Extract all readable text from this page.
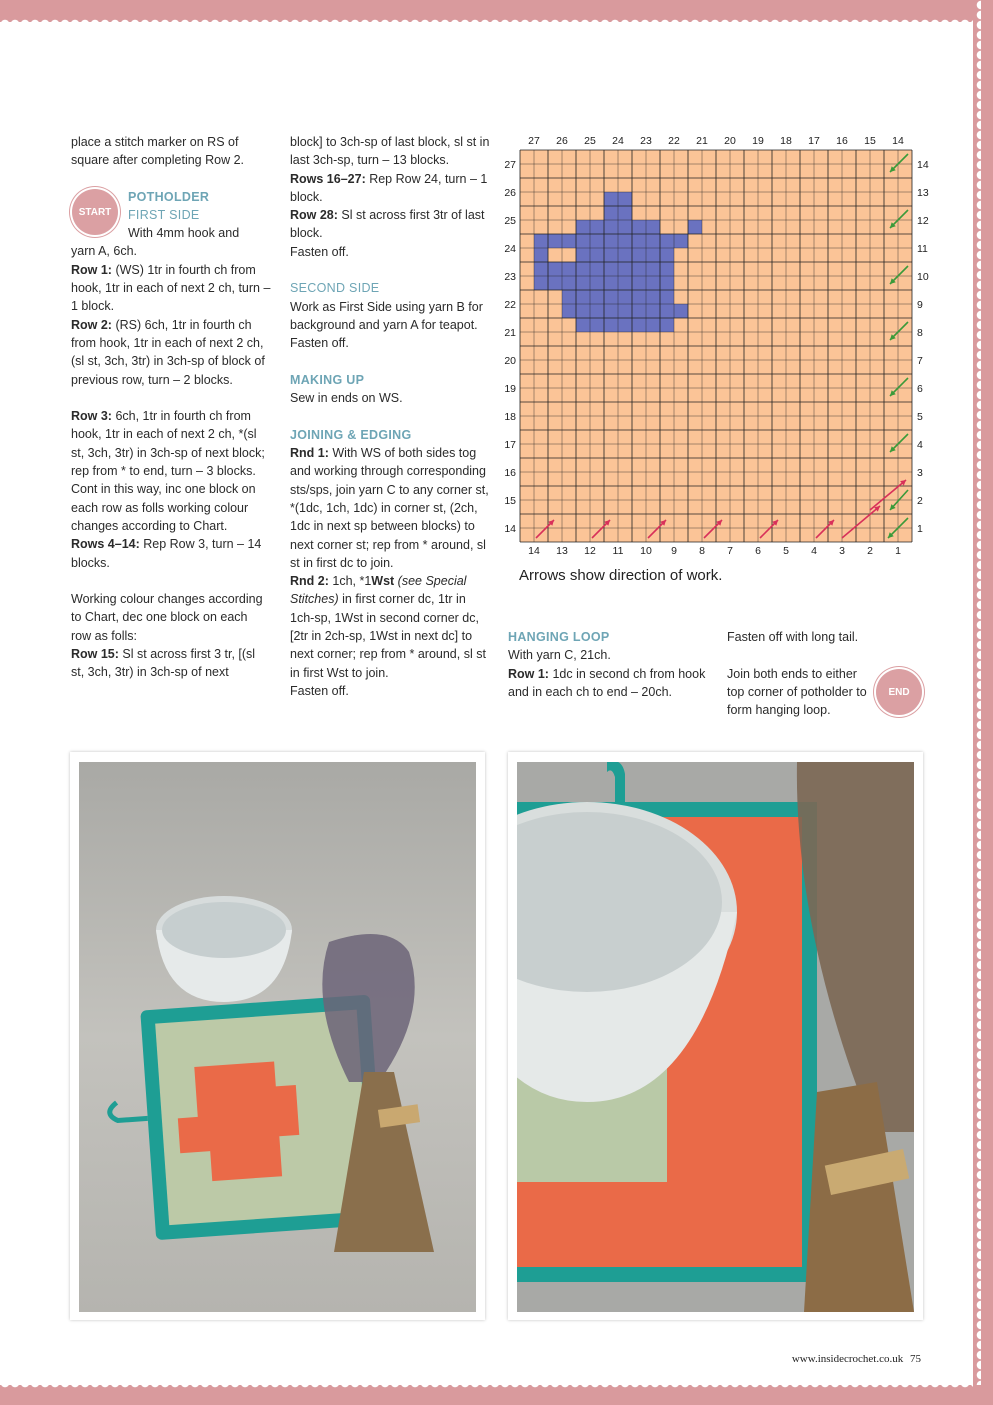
place a stitch marker on RS of square after completing Row 2.

POTHOLDER

FIRST SIDE

With 4mm hook and

yarn A, 6ch.

Row 1: (WS) 1tr in fourth ch from hook, 1tr in each of next 2 ch, turn – 1 block.

Row 2: (RS) 6ch, 1tr in fourth ch from hook, 1tr in each of next 2 ch, (sl st, 3ch, 3tr) in 3ch-sp of block of previous row, turn – 2 blocks.

Row 3: 6ch, 1tr in fourth ch from hook, 1tr in each of next 2 ch, *(sl st, 3ch, 3tr) in 3ch-sp of next block; rep from * to end, turn – 3 blocks.

Cont in this way, inc one block on each row as folls working colour changes according to Chart.

Rows 4–14: Rep Row 3, turn – 14 blocks.

Working colour changes according to Chart, dec one block on each row as folls:

Row 15: Sl st across first 3 tr, [(sl st, 3ch, 3tr) in 3ch-sp of next

START

block] to 3ch-sp of last block, sl st in last 3ch-sp, turn – 13 blocks.

Rows 16–27: Rep Row 24, turn – 1 block.

Row 28: Sl st across first 3tr of last block.

Fasten off.

SECOND SIDE

Work as First Side using yarn B for background and yarn A for teapot. Fasten off.

MAKING UP

Sew in ends on WS.

JOINING & EDGING

Rnd 1: With WS of both sides tog and working through corresponding sts/sps, join yarn C to any corner st, *(1dc, 1ch, 1dc) in corner st, (2ch, 1dc in next sp between blocks) to next corner st; rep from * around, sl st in first dc to join.

Rnd 2: 1ch, *1Wst (see Special Stitches) in first corner dc, 1tr in 1ch-sp, 1Wst in second corner dc, [2tr in 2ch-sp, 1Wst in next dc] to next corner; rep from * around, sl st in first Wst to join.

Fasten off.

27 26 25 24 23 22 21 20 19 18 17 16 15 14
14 13 12 11 10 9 8 7 6 5 4 3 2 1
27
26
25
24
23
22
21
20
19
18
17
16
15
14
14
13
12
11
10
9
8
7
6
5
4
3
2
1
Arrows show direction of work.

HANGING LOOP

With yarn C, 21ch.

Row 1: 1dc in second ch from hook and in each ch to end – 20ch.

Fasten off with long tail.

Join both ends to either top corner of potholder to form hanging loop.

END
www.insidecrochet.co.uk 75
